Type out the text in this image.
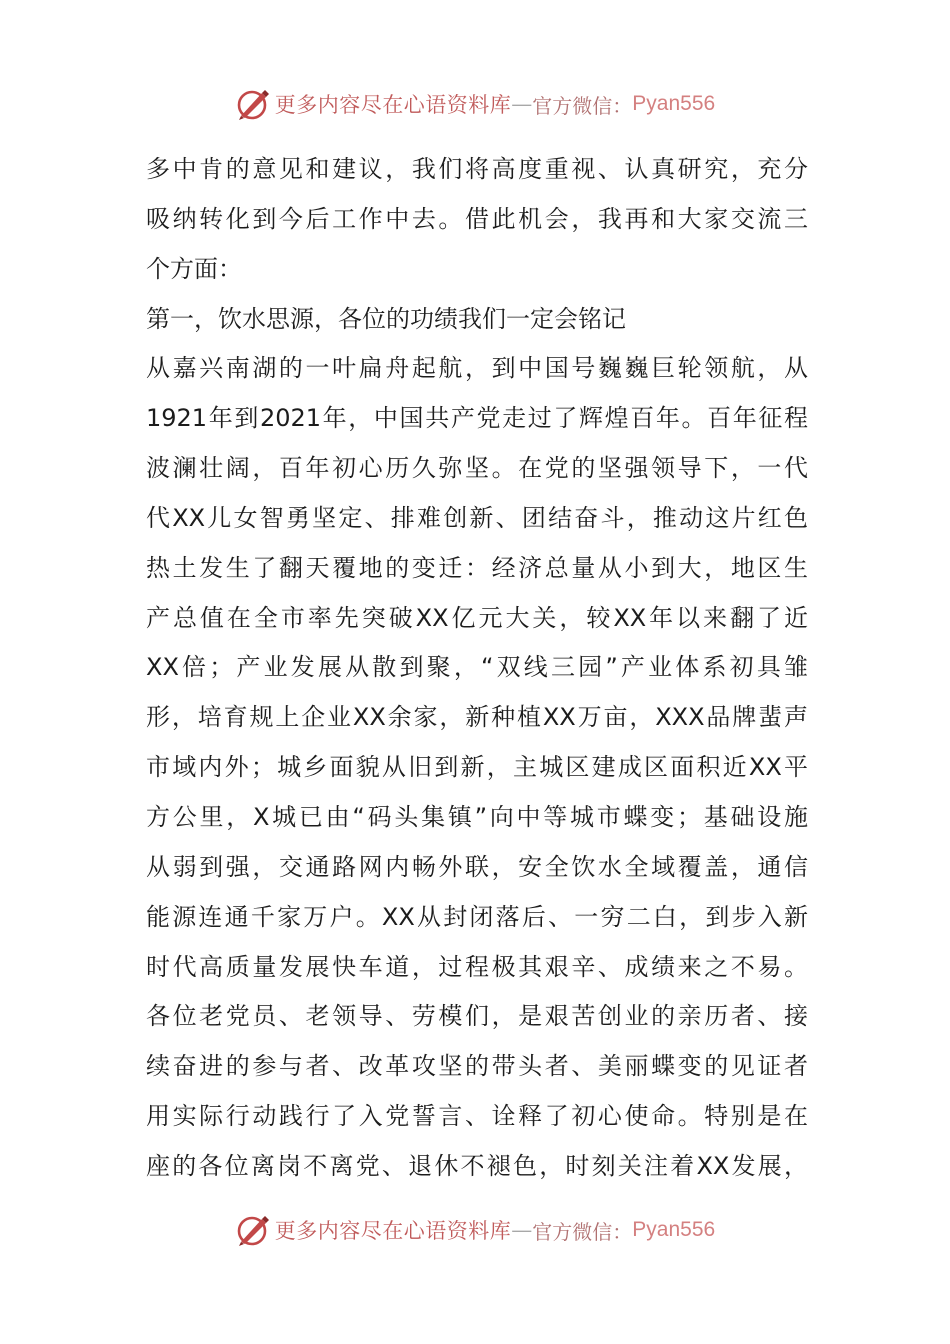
更多内容尽在心语资料库 — 官方微信： Pyan556
多中肯的意见和建议，我们将高度重视、认真研究，充分
吸纳转化到今后工作中去。借此机会，我再和大家交流三
个方面：
第一，饮水思源，各位的功绩我们一定会铭记
从嘉兴南湖的一叶扁舟起航，到中国号巍巍巨轮领航，从
1921年到2021年，中国共产党走过了辉煌百年。百年征程
波澜壮阔，百年初心历久弥坚。在党的坚强领导下，一代
代XX儿女智勇坚定、排难创新、团结奋斗，推动这片红色
热土发生了翻天覆地的变迁：经济总量从小到大，地区生
产总值在全市率先突破XX亿元大关，较XX年以来翻了近
XX倍；产业发展从散到聚，“双线三园”产业体系初具雏
形，培育规上企业XX余家，新种植XX万亩，XXX品牌蜚声
市域内外；城乡面貌从旧到新，主城区建成区面积近XX平
方公里，X城已由“码头集镇”向中等城市蝶变；基础设施
从弱到强，交通路网内畅外联，安全饮水全域覆盖，通信
能源连通千家万户。XX从封闭落后、一穷二白，到步入新
时代高质量发展快车道，过程极其艰辛、成绩来之不易。
各位老党员、老领导、劳模们，是艰苦创业的亲历者、接
续奋进的参与者、改革攻坚的带头者、美丽蝶变的见证者
用实际行动践行了入党誓言、诠释了初心使命。特别是在
座的各位离岗不离党、退休不褪色，时刻关注着XX发展，
更多内容尽在心语资料库 — 官方微信： Pyan556
